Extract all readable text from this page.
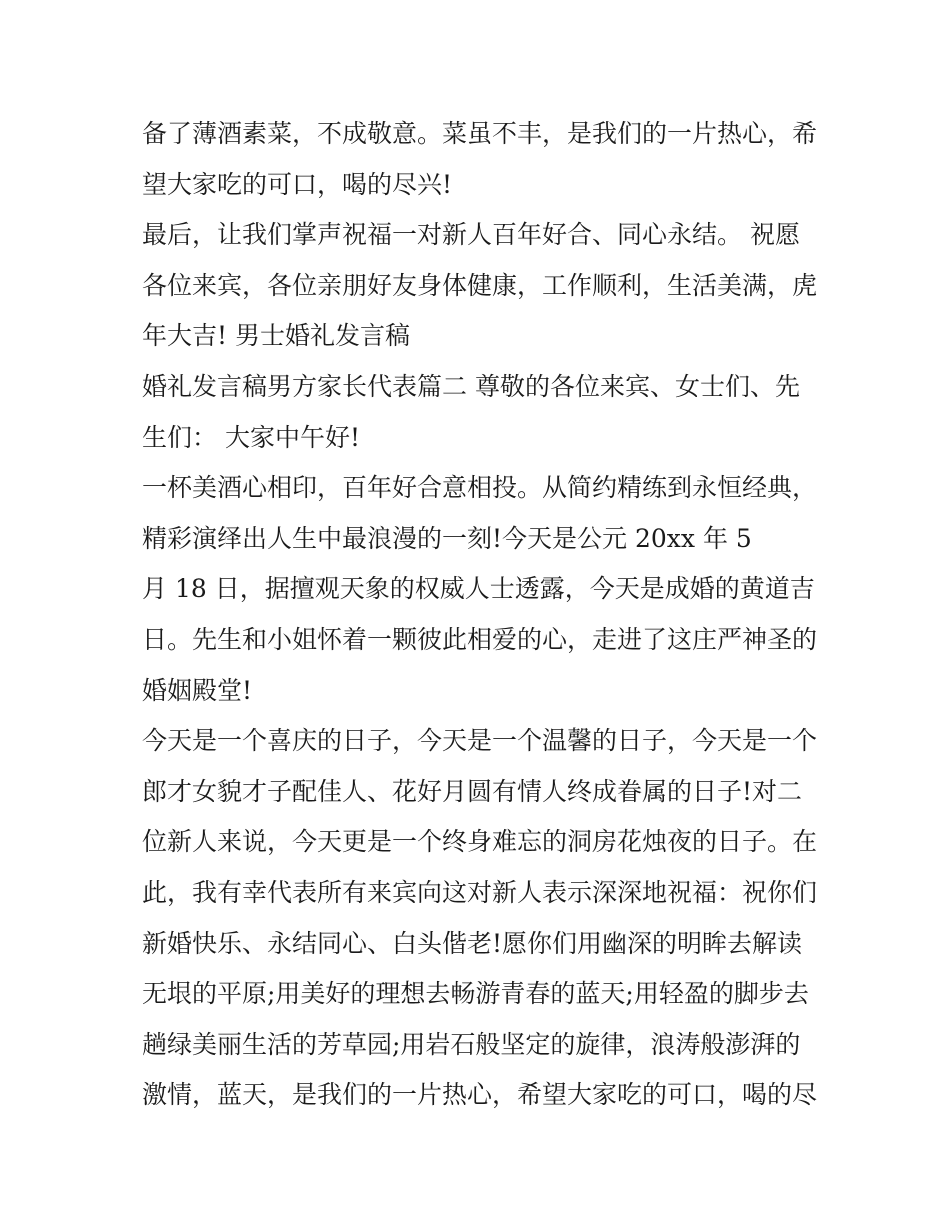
备了薄酒素菜，不成敬意。菜虽不丰，是我们的一片热心，希
望大家吃的可口，喝的尽兴!
最后，让我们掌声祝福一对新人百年好合、同心永结。 祝愿
各位来宾，各位亲朋好友身体健康，工作顺利，生活美满，虎
年大吉! 男士婚礼发言稿
婚礼发言稿男方家长代表篇二 尊敬的各位来宾、女士们、先
生们： 大家中午好!
一杯美酒心相印，百年好合意相投。从简约精练到永恒经典，
精彩演绎出人生中最浪漫的一刻!今天是公元 20xx 年 5
月 18 日，据擅观天象的权威人士透露，今天是成婚的黄道吉
日。先生和小姐怀着一颗彼此相爱的心，走进了这庄严神圣的
婚姻殿堂!
今天是一个喜庆的日子，今天是一个温馨的日子，今天是一个
郎才女貌才子配佳人、花好月圆有情人终成眷属的日子!对二
位新人来说，今天更是一个终身难忘的洞房花烛夜的日子。在
此，我有幸代表所有来宾向这对新人表示深深地祝福：祝你们
新婚快乐、永结同心、白头偕老!愿你们用幽深的明眸去解读
无垠的平原;用美好的理想去畅游青春的蓝天;用轻盈的脚步去
趟绿美丽生活的芳草园;用岩石般坚定的旋律，浪涛般澎湃的
激情，蓝天，是我们的一片热心，希望大家吃的可口，喝的尽
